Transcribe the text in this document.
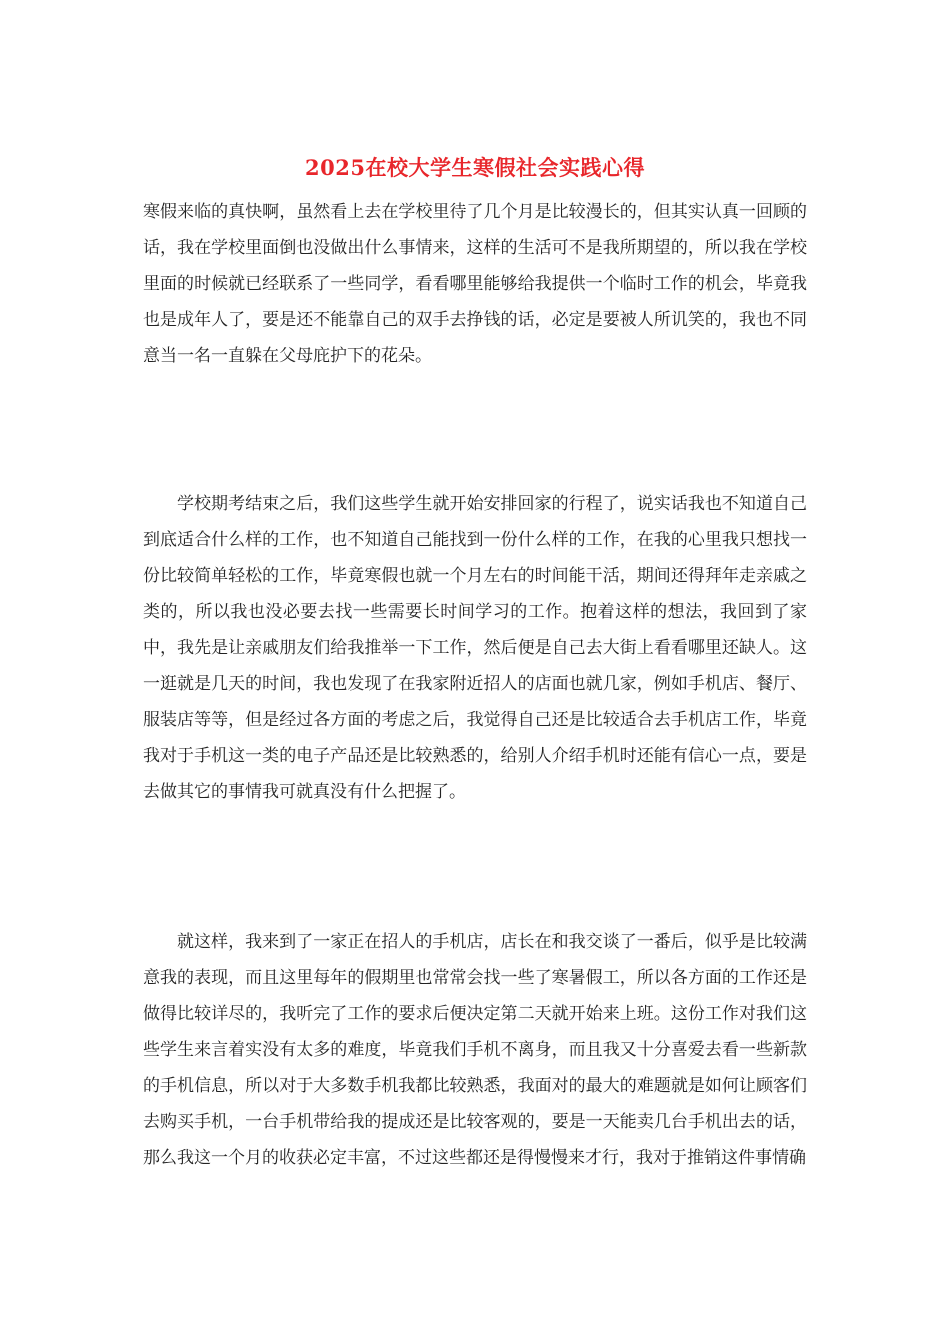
2025在校大学生寒假社会实践心得

寒假来临的真快啊，虽然看上去在学校里待了几个月是比较漫长的，但其实认真一回顾的话，我在学校里面倒也没做出什么事情来，这样的生活可不是我所期望的，所以我在学校里面的时候就已经联系了一些同学，看看哪里能够给我提供一个临时工作的机会，毕竟我也是成年人了，要是还不能靠自己的双手去挣钱的话，必定是要被人所讥笑的，我也不同意当一名一直躲在父母庇护下的花朵。

学校期考结束之后，我们这些学生就开始安排回家的行程了，说实话我也不知道自己到底适合什么样的工作，也不知道自己能找到一份什么样的工作，在我的心里我只想找一份比较简单轻松的工作，毕竟寒假也就一个月左右的时间能干活，期间还得拜年走亲戚之类的，所以我也没必要去找一些需要长时间学习的工作。抱着这样的想法，我回到了家中，我先是让亲戚朋友们给我推举一下工作，然后便是自己去大街上看看哪里还缺人。这一逛就是几天的时间，我也发现了在我家附近招人的店面也就几家，例如手机店、餐厅、服装店等等，但是经过各方面的考虑之后，我觉得自己还是比较适合去手机店工作，毕竟我对于手机这一类的电子产品还是比较熟悉的，给别人介绍手机时还能有信心一点，要是去做其它的事情我可就真没有什么把握了。

就这样，我来到了一家正在招人的手机店，店长在和我交谈了一番后，似乎是比较满意我的表现，而且这里每年的假期里也常常会找一些了寒暑假工，所以各方面的工作还是做得比较详尽的，我听完了工作的要求后便决定第二天就开始来上班。这份工作对我们这些学生来言着实没有太多的难度，毕竟我们手机不离身，而且我又十分喜爱去看一些新款的手机信息，所以对于大多数手机我都比较熟悉，我面对的最大的难题就是如何让顾客们去购买手机，一台手机带给我的提成还是比较客观的，要是一天能卖几台手机出去的话，那么我这一个月的收获必定丰富，不过这些都还是得慢慢来才行，我对于推销这件事情确
